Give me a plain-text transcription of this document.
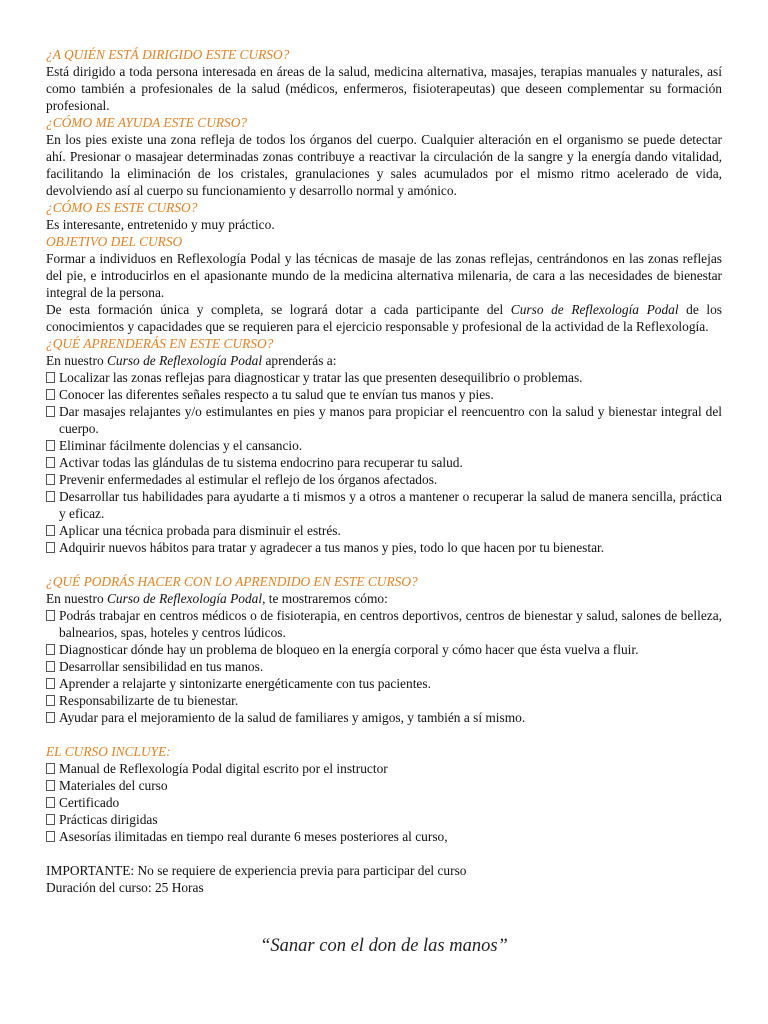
¿A QUIÉN ESTÁ DIRIGIDO ESTE CURSO?

Está dirigido a toda persona interesada en áreas de la salud, medicina alternativa, masajes, terapias manuales y naturales, así como también a profesionales de la salud (médicos, enfermeros, fisioterapeutas) que deseen complementar su formación profesional.

¿CÓMO ME AYUDA ESTE CURSO?

En los pies existe una zona refleja de todos los órganos del cuerpo. Cualquier alteración en el organismo se puede detectar ahí. Presionar o masajear determinadas zonas contribuye a reactivar la circulación de la sangre y la energía dando vitalidad, facilitando la eliminación de los cristales, granulaciones y sales acumulados por el mismo ritmo acelerado de vida, devolviendo así al cuerpo su funcionamiento y desarrollo normal y amónico.

¿CÓMO ES ESTE CURSO?

Es interesante, entretenido y muy práctico.

OBJETIVO DEL CURSO

Formar a individuos en Reflexología Podal y las técnicas de masaje de las zonas reflejas, centrándonos en las zonas reflejas del pie, e introducirlos en el apasionante mundo de la medicina alternativa milenaria, de cara a las necesidades de bienestar integral de la persona.

De esta formación única y completa, se logrará dotar a cada participante del Curso de Reflexología Podal de los conocimientos y capacidades que se requieren para el ejercicio responsable y profesional de la actividad de la Reflexología.

¿QUÉ APRENDERÁS EN ESTE CURSO?

En nuestro Curso de Reflexología Podal aprenderás a:

Localizar las zonas reflejas para diagnosticar y tratar las que presenten desequilibrio o problemas.

Conocer las diferentes señales respecto a tu salud que te envían tus manos y pies.

Dar masajes relajantes y/o estimulantes en pies y manos para propiciar el reencuentro con la salud y bienestar integral del cuerpo.

Eliminar fácilmente dolencias y el cansancio.

Activar todas las glándulas de tu sistema endocrino para recuperar tu salud.

Prevenir enfermedades al estimular el reflejo de los órganos afectados.

Desarrollar tus habilidades para ayudarte a ti mismos y a otros a mantener o recuperar la salud de manera sencilla, práctica y eficaz.

Aplicar una técnica probada para disminuir el estrés.

Adquirir nuevos hábitos para tratar y agradecer a tus manos y pies, todo lo que hacen por tu bienestar.

¿QUÉ PODRÁS HACER CON LO APRENDIDO EN ESTE CURSO?

En nuestro Curso de Reflexología Podal, te mostraremos cómo:

Podrás trabajar en centros médicos o de fisioterapia, en centros deportivos, centros de bienestar y salud, salones de belleza, balnearios, spas, hoteles y centros lúdicos.

Diagnosticar dónde hay un problema de bloqueo en la energía corporal y cómo hacer que ésta vuelva a fluir.

Desarrollar sensibilidad en tus manos.

Aprender a relajarte y sintonizarte energéticamente con tus pacientes.

Responsabilizarte de tu bienestar.

Ayudar para el mejoramiento de la salud de familiares y amigos, y también a sí mismo.

EL CURSO INCLUYE:

Manual de Reflexología Podal digital escrito por el instructor

Materiales del curso

Certificado

Prácticas dirigidas

Asesorías ilimitadas en tiempo real durante 6 meses posteriores al curso,

IMPORTANTE: No se requiere de experiencia previa para participar del curso

Duración del curso: 25 Horas

“Sanar con el don de las manos”
